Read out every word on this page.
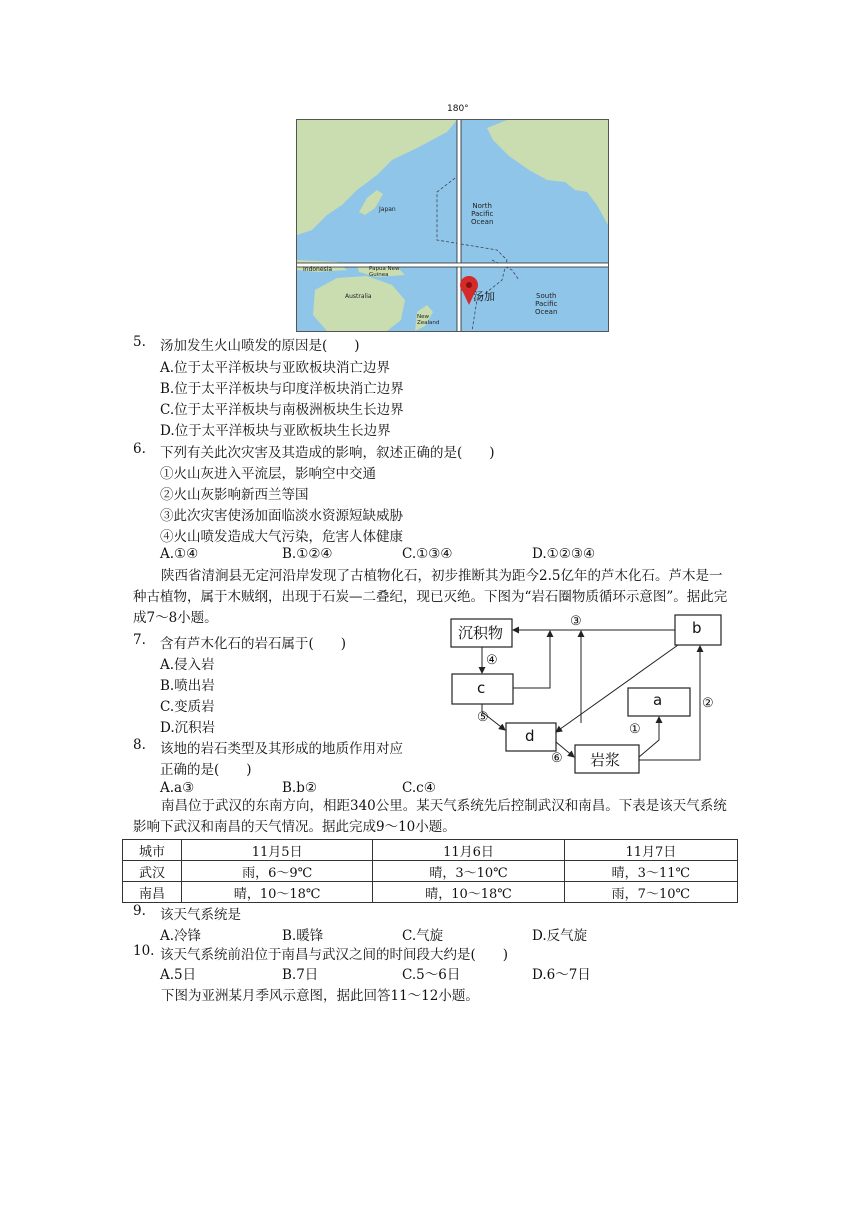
180°
Japan	North
Pacific
Ocean
South
Pacific
Ocean
Indonesia	Papua New
Guinea
Australia
New
Zealand
汤加
5. 汤加发生火山喷发的原因是(　　)
A.位于太平洋板块与亚欧板块消亡边界
B.位于太平洋板块与印度洋板块消亡边界
C.位于太平洋板块与南极洲板块生长边界
D.位于太平洋板块与亚欧板块生长边界
6. 下列有关此次灾害及其造成的影响，叙述正确的是(　　)
①火山灰进入平流层，影响空中交通
②火山灰影响新西兰等国
③此次灾害使汤加面临淡水资源短缺威胁
④火山喷发造成大气污染，危害人体健康
A.①④	B.①②④	C.①③④	D.①②③④
陕西省清涧县无定河沿岸发现了古植物化石，初步推断其为距今2.5亿年的芦木化石。芦木是一种古植物，属于木贼纲，出现于石炭—二叠纪，现已灭绝。下图为“岩石圈物质循环示意图”。据此完成7～8小题。
7. 含有芦木化石的岩石属于(　　)
A.侵入岩
B.喷出岩
C.变质岩
D.沉积岩
8. 该地的岩石类型及其形成的地质作用对应
正确的是(　　)
A.a③	B.b②	C.c④
沉积物	b
c
a
d
岩浆
③
④
⑤
⑥
①
②
南昌位于武汉的东南方向，相距340公里。某天气系统先后控制武汉和南昌。下表是该天气系统影响下武汉和南昌的天气情况。据此完成9～10小题。
城市	11月5日	11月6日	11月7日
武汉	雨，6～9℃	晴，3～10℃	晴，3～11℃
南昌	晴，10～18℃	晴，10～18℃	雨，7～10℃
9. 该天气系统是
A.冷锋	B.暖锋	C.气旋	D.反气旋
10. 该天气系统前沿位于南昌与武汉之间的时间段大约是(　　)
A.5日	B.7日	C.5～6日	D.6～7日
下图为亚洲某月季风示意图，据此回答11～12小题。
